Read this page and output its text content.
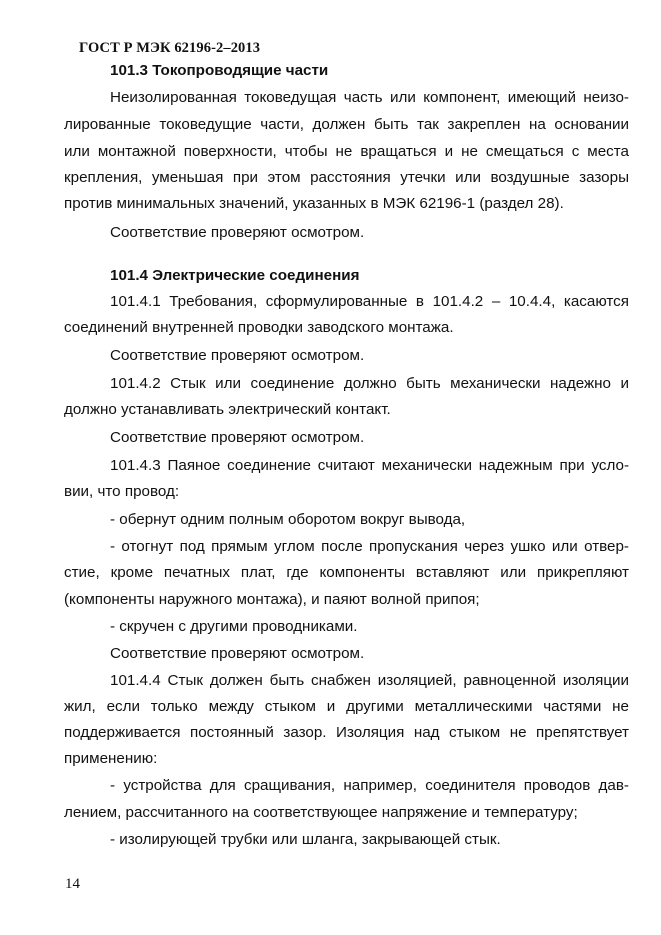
ГОСТ Р МЭК 62196-2–2013
101.3 Токопроводящие части
Неизолированная токоведущая часть или компонент, имеющий неизо-
лированные токоведущие части, должен быть так закреплен на основании
или монтажной поверхности, чтобы не вращаться и не смещаться с места
крепления, уменьшая при этом расстояния утечки или воздушные зазоры
против минимальных значений, указанных в МЭК 62196-1 (раздел 28).
Соответствие проверяют осмотром.
101.4 Электрические соединения
101.4.1 Требования, сформулированные в 101.4.2 – 10.4.4, касаются
соединений внутренней проводки заводского монтажа.
Соответствие проверяют осмотром.
101.4.2 Стык или соединение должно быть механически надежно и
должно устанавливать электрический контакт.
Соответствие проверяют осмотром.
101.4.3 Паяное соединение считают механически надежным при усло-
вии, что провод:
- обернут одним полным оборотом вокруг вывода,
- отогнут под прямым углом после пропускания через ушко или отвер-
стие, кроме печатных плат, где компоненты вставляют или прикрепляют
(компоненты наружного монтажа), и паяют волной припоя;
- скручен с другими проводниками.
Соответствие проверяют осмотром.
101.4.4 Стык должен быть снабжен изоляцией, равноценной изоляции
жил, если только между стыком и другими металлическими частями не
поддерживается постоянный зазор. Изоляция над стыком не препятствует
применению:
- устройства для сращивания, например, соединителя проводов дав-
лением, рассчитанного на соответствующее напряжение и температуру;
- изолирующей трубки или шланга, закрывающей стык.
14
